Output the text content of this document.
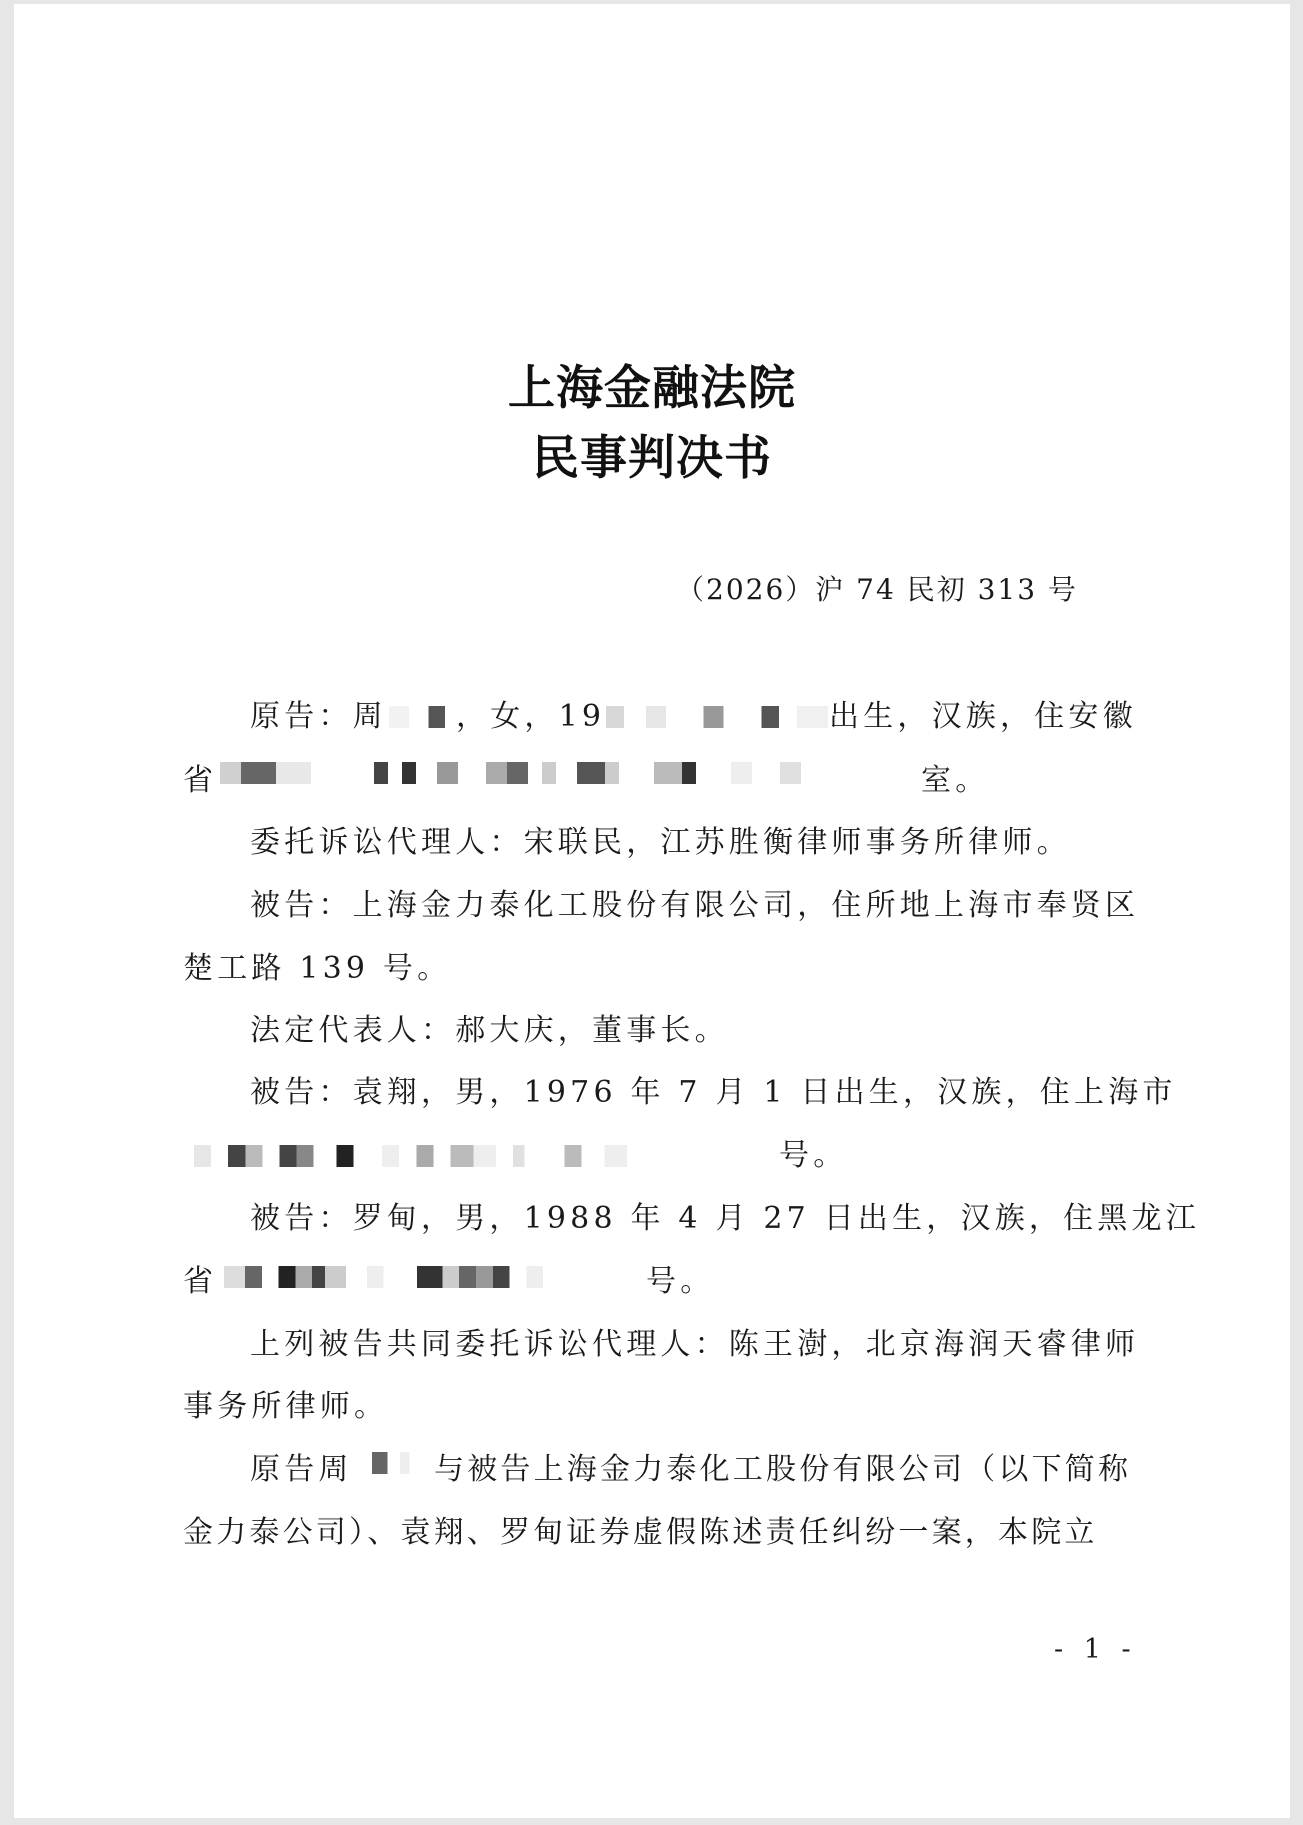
上海金融法院
民事判决书
（2026）沪 74 民初 313 号
原告：周 ，女，19	出生，汉族，住安徽
省	室。
委托诉讼代理人：宋联民，江苏胜衡律师事务所律师。
被告：上海金力泰化工股份有限公司，住所地上海市奉贤区
楚工路 139 号。
法定代表人：郝大庆，董事长。
被告：袁翔，男，1976 年 7 月 1 日出生，汉族，住上海市
号。
被告：罗甸，男，1988 年 4 月 27 日出生，汉族，住黑龙江
省	号。
上列被告共同委托诉讼代理人：陈王澍，北京海润天睿律师
事务所律师。
原告周	与被告上海金力泰化工股份有限公司（以下简称
金力泰公司）、袁翔、罗甸证券虚假陈述责任纠纷一案，本院立
- 1 -
